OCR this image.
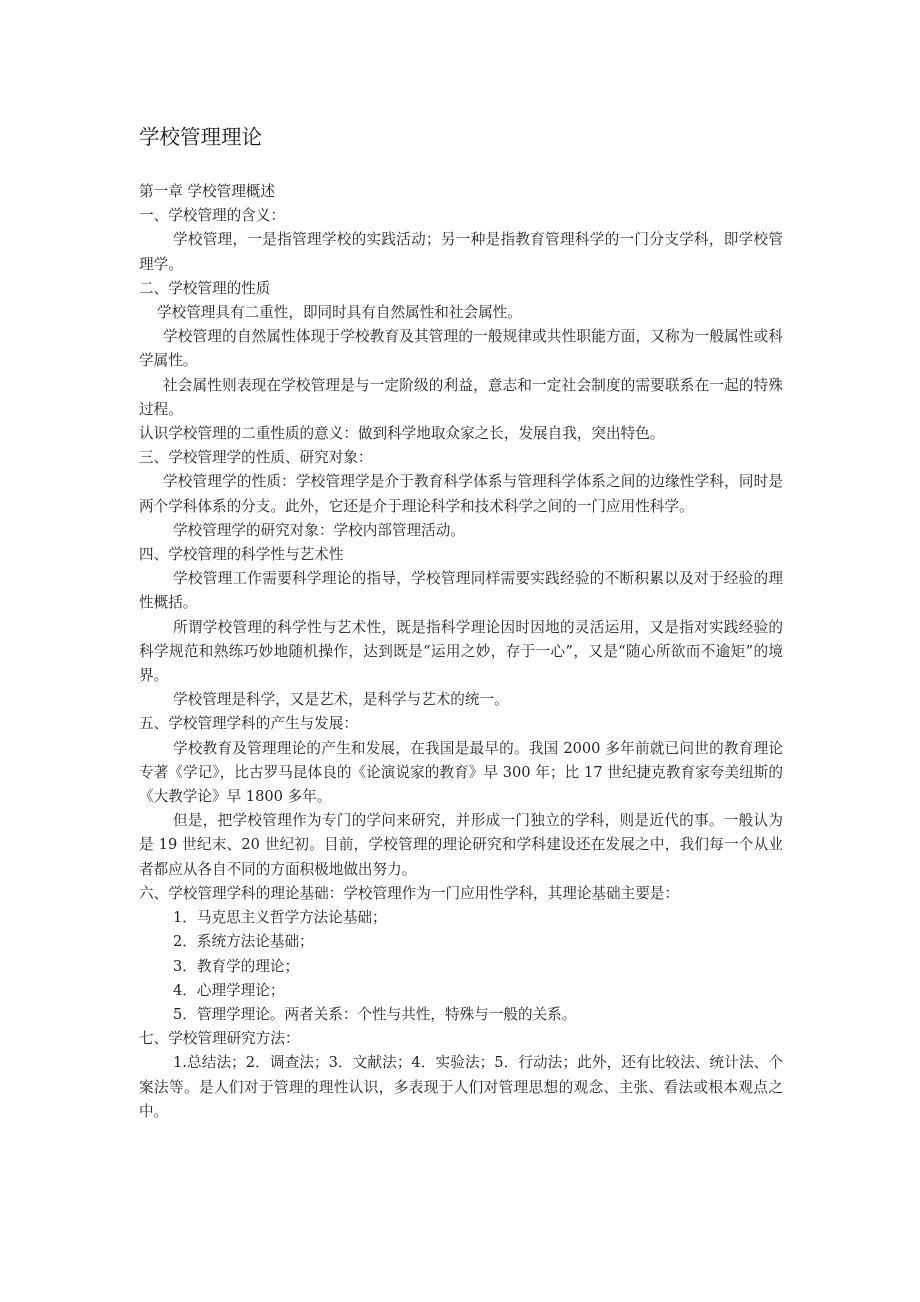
学校管理理论

第一章 学校管理概述

一、学校管理的含义：

学校管理，一是指管理学校的实践活动；另一种是指教育管理科学的一门分支学科，即学校管理学。

二、学校管理的性质

学校管理具有二重性，即同时具有自然属性和社会属性。

学校管理的自然属性体现于学校教育及其管理的一般规律或共性职能方面，又称为一般属性或科学属性。

社会属性则表现在学校管理是与一定阶级的利益，意志和一定社会制度的需要联系在一起的特殊过程。

认识学校管理的二重性质的意义：做到科学地取众家之长，发展自我，突出特色。

三、学校管理学的性质、研究对象：

学校管理学的性质：学校管理学是介于教育科学体系与管理科学体系之间的边缘性学科，同时是两个学科体系的分支。此外，它还是介于理论科学和技术科学之间的一门应用性科学。

学校管理学的研究对象：学校内部管理活动。

四、学校管理的科学性与艺术性

学校管理工作需要科学理论的指导，学校管理同样需要实践经验的不断积累以及对于经验的理性概括。

所谓学校管理的科学性与艺术性，既是指科学理论因时因地的灵活运用，又是指对实践经验的科学规范和熟练巧妙地随机操作，达到既是“运用之妙，存于一心”，又是“随心所欲而不逾矩”的境界。

学校管理是科学，又是艺术，是科学与艺术的统一。

五、学校管理学科的产生与发展：

学校教育及管理理论的产生和发展，在我国是最早的。我国 2000 多年前就已问世的教育理论专著《学记》，比古罗马昆体良的《论演说家的教育》早 300 年；比 17 世纪捷克教育家夸美纽斯的《大教学论》早 1800 多年。

但是，把学校管理作为专门的学问来研究，并形成一门独立的学科，则是近代的事。一般认为是 19 世纪末、20 世纪初。目前，学校管理的理论研究和学科建设还在发展之中，我们每一个从业者都应从各自不同的方面积极地做出努力。

六、学校管理学科的理论基础：学校管理作为一门应用性学科，其理论基础主要是：

1．马克思主义哲学方法论基础；

2．系统方法论基础；

3．教育学的理论；

4．心理学理论；

5．管理学理论。两者关系：个性与共性，特殊与一般的关系。

七、学校管理研究方法：

1.总结法；2．调查法；3．文献法；4．实验法；5．行动法；此外，还有比较法、统计法、个案法等。是人们对于管理的理性认识，多表现于人们对管理思想的观念、主张、看法或根本观点之中。
